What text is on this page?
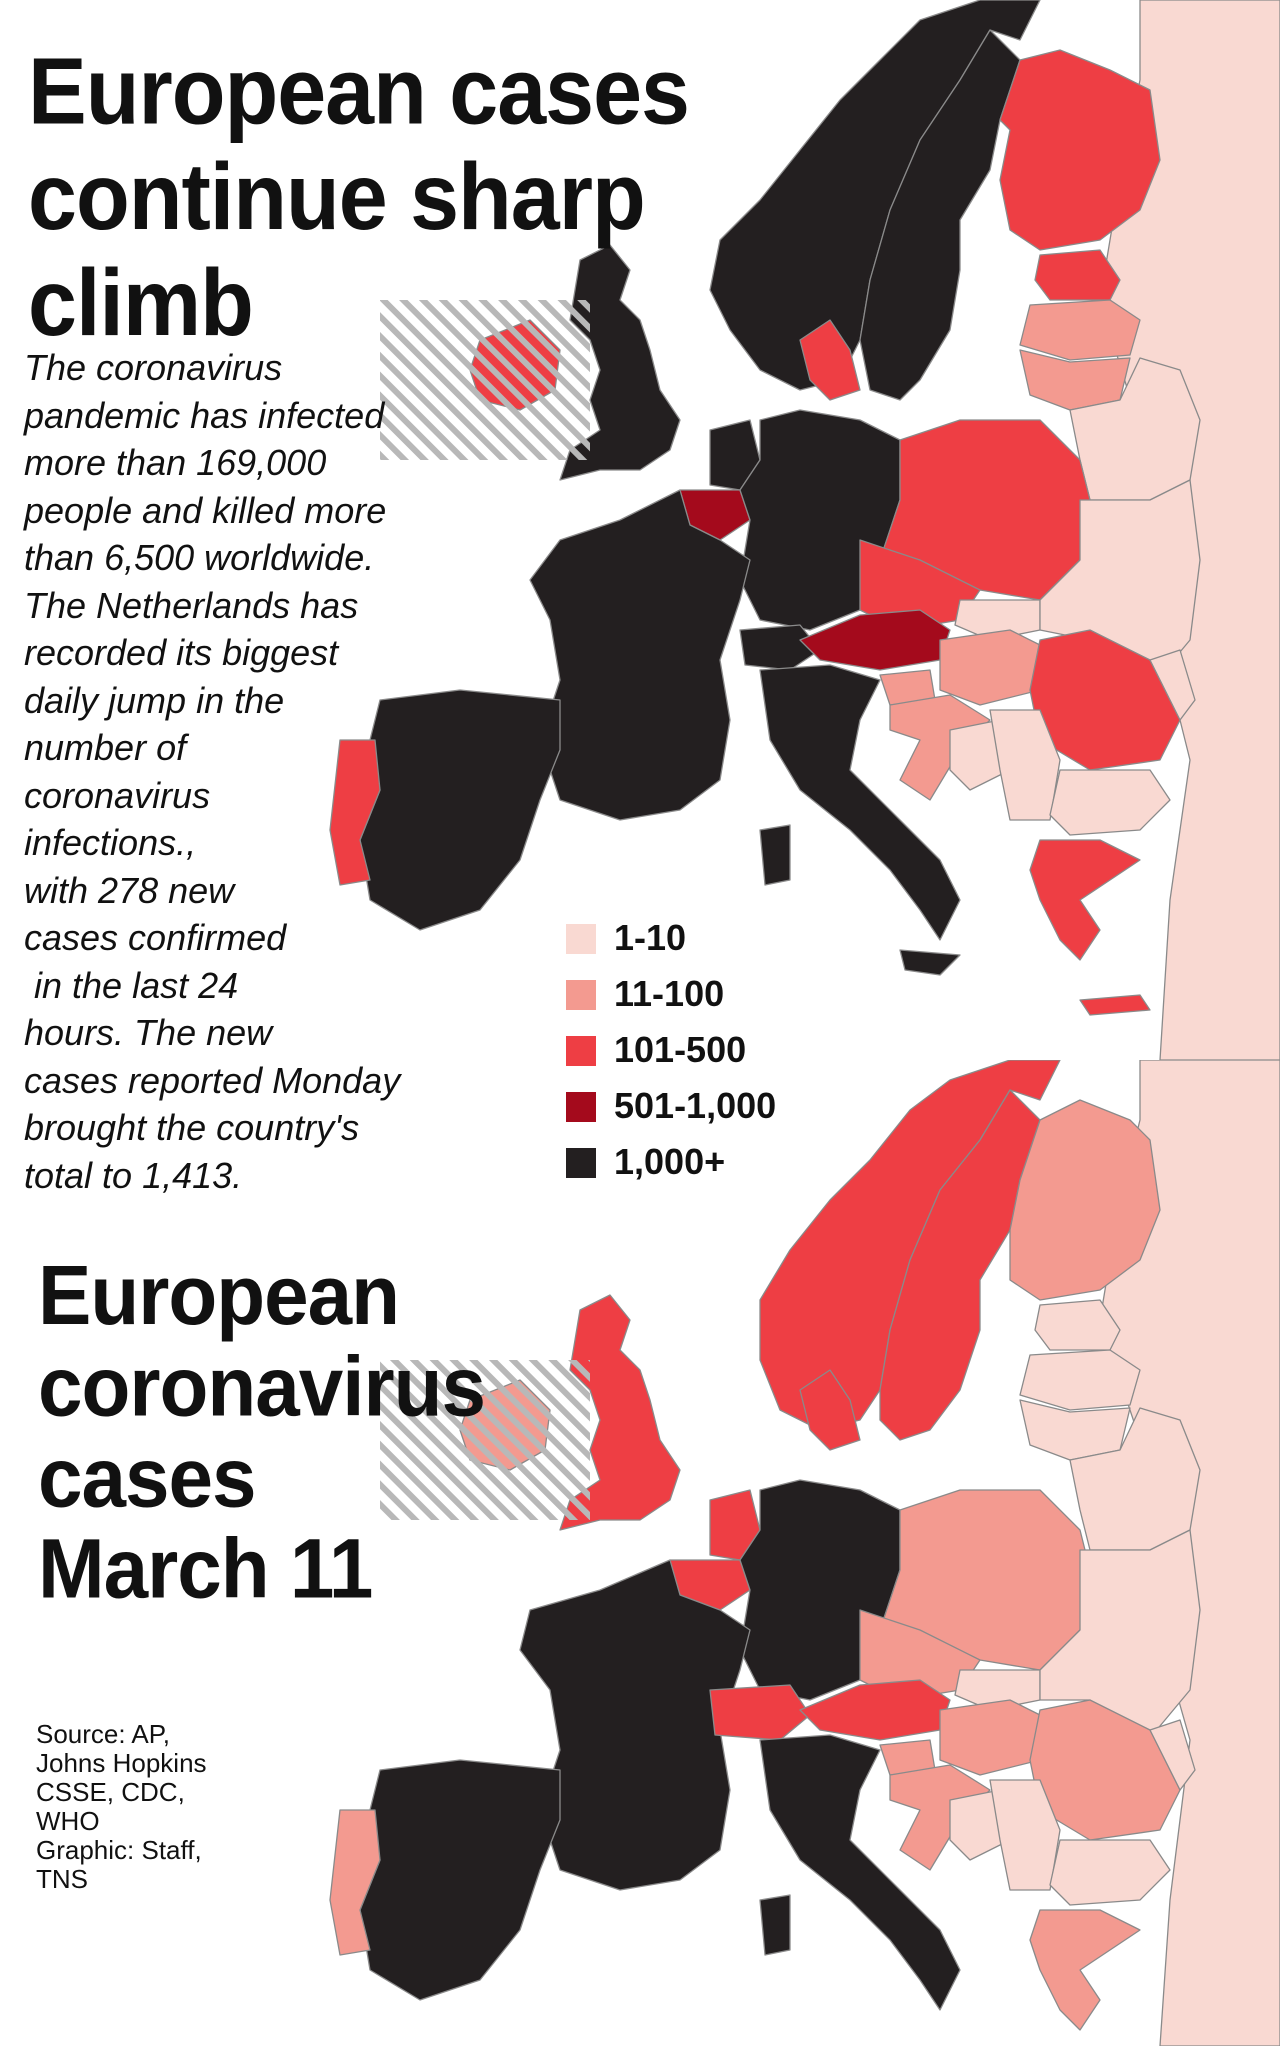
European cases
continue sharp
climb
The coronavirus
pandemic has infected
more than 169,000
people and killed more
than 6,500 worldwide.
The Netherlands has
recorded its biggest
daily jump in the
number of
coronavirus
infections.,
with 278 new
cases confirmed
in the last 24
hours. The new
cases reported Monday
brought the country's
total to 1,413.
1-10
11-100
101-500
501-1,000
1,000+
European
coronavirus
cases
March 11
Source: AP,
Johns Hopkins
CSSE, CDC,
WHO
Graphic: Staff,
TNS
